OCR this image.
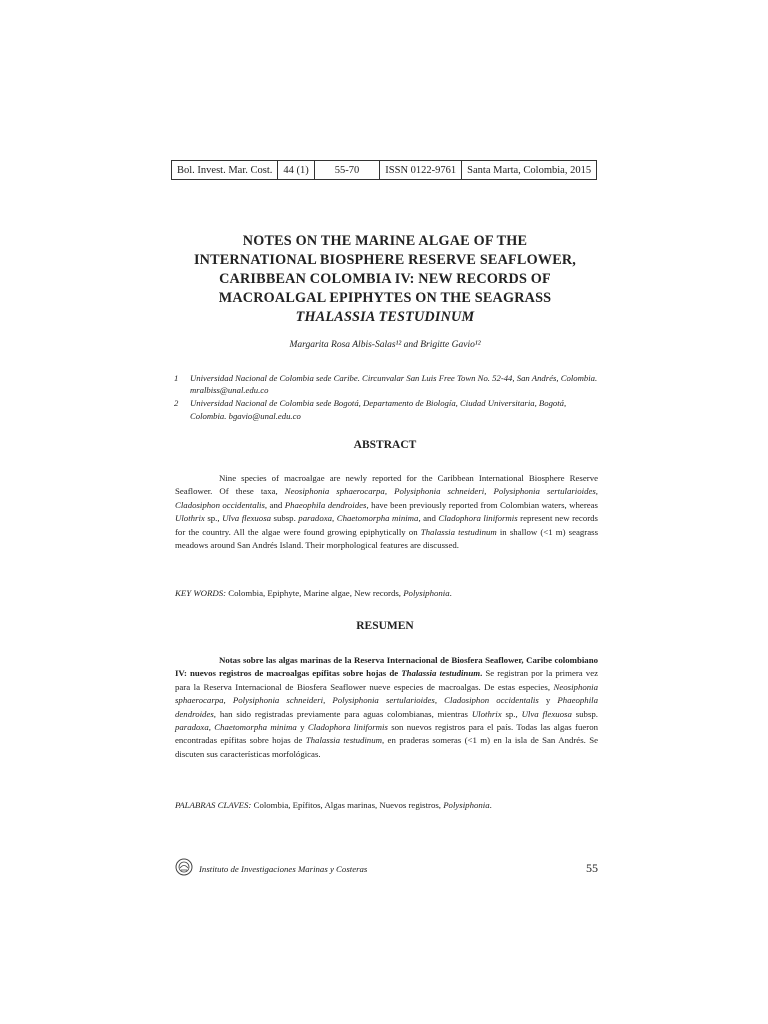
Bol. Invest. Mar. Cost.	44 (1)	55-70	ISSN 0122-9761	Santa Marta, Colombia, 2015
NOTES ON THE MARINE ALGAE OF THE
INTERNATIONAL BIOSPHERE RESERVE SEAFLOWER,
CARIBBEAN COLOMBIA IV: NEW RECORDS OF
MACROALGAL EPIPHYTES ON THE SEAGRASS
THALASSIA TESTUDINUM
Margarita Rosa Albis-Salas¹² and Brigitte Gavio¹²
1 Universidad Nacional de Colombia sede Caribe. Circunvalar San Luis Free Town No. 52-44, San Andrés, Colombia. mralbiss@unal.edu.co
2 Universidad Nacional de Colombia sede Bogotá, Departamento de Biología, Ciudad Universitaria, Bogotá, Colombia. bgavio@unal.edu.co
ABSTRACT
Nine species of macroalgae are newly reported for the Caribbean International Biosphere Reserve Seaflower. Of these taxa, Neosiphonia sphaerocarpa, Polysiphonia schneideri, Polysiphonia sertularioides, Cladosiphon occidentalis, and Phaeophila dendroides, have been previously reported from Colombian waters, whereas Ulothrix sp., Ulva flexuosa subsp. paradoxa, Chaetomorpha minima, and Cladophora liniformis represent new records for the country. All the algae were found growing epiphytically on Thalassia testudinum in shallow (<1 m) seagrass meadows around San Andrés Island. Their morphological features are discussed.
KEY WORDS: Colombia, Epiphyte, Marine algae, New records, Polysiphonia.
RESUMEN
Notas sobre las algas marinas de la Reserva Internacional de Biosfera Seaflower, Caribe colombiano IV: nuevos registros de macroalgas epífitas sobre hojas de Thalassia testudinum. Se registran por la primera vez para la Reserva Internacional de Biosfera Seaflower nueve especies de macroalgas. De estas especies, Neosiphonia sphaerocarpa, Polysiphonia schneideri, Polysiphonia sertularioides, Cladosiphon occidentalis y Phaeophila dendroides, han sido registradas previamente para aguas colombianas, mientras Ulothrix sp., Ulva flexuosa subsp. paradoxa, Chaetomorpha minima y Cladophora liniformis son nuevos registros para el país. Todas las algas fueron encontradas epífitas sobre hojas de Thalassia testudinum, en praderas someras (<1 m) en la isla de San Andrés. Se discuten sus características morfológicas.
PALABRAS CLAVES: Colombia, Epífitos, Algas marinas, Nuevos registros, Polysiphonia.
Instituto de Investigaciones Marinas y Costeras	55
